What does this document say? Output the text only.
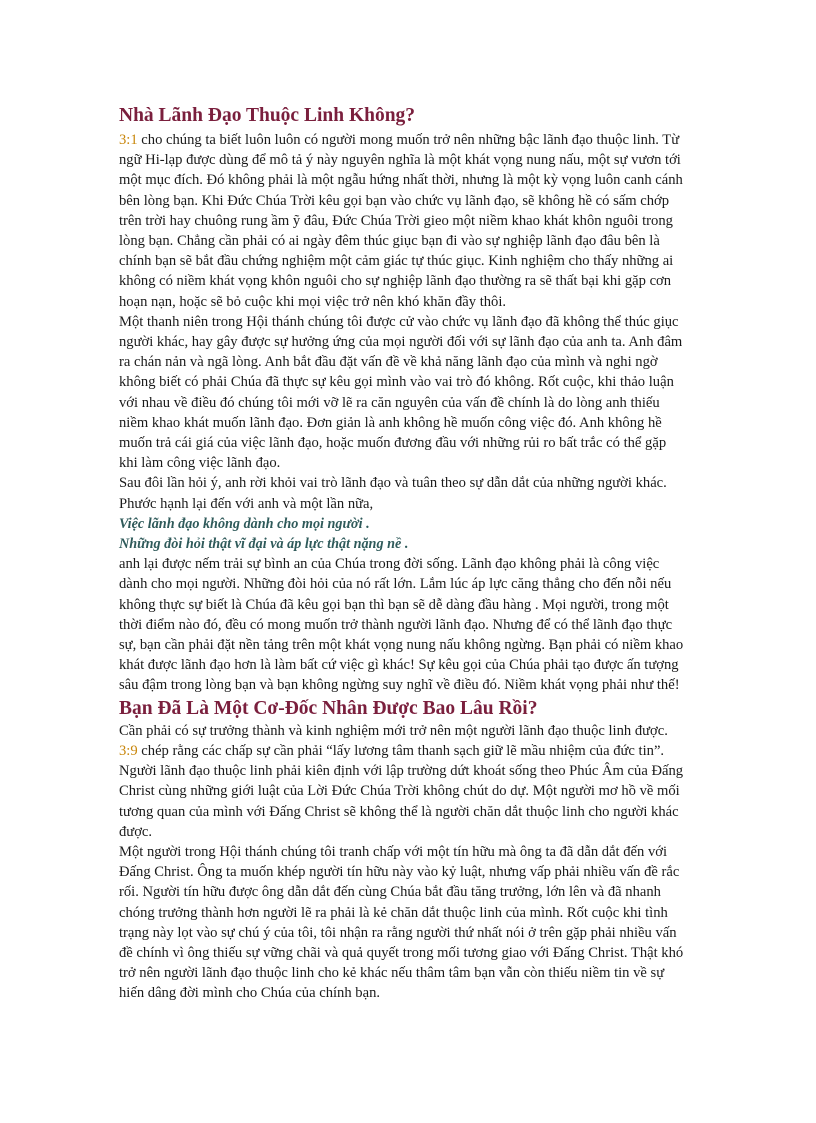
Nhà Lãnh Đạo Thuộc Linh Không?

3:1 cho chúng ta biết luôn luôn có người mong muốn trở nên những bậc lãnh đạo thuộc linh. Từ ngữ Hi-lạp được dùng để mô tả ý này nguyên nghĩa là một khát vọng nung nấu, một sự vươn tới một mục đích. Đó không phải là một ngẫu hứng nhất thời, nhưng là một kỳ vọng luôn canh cánh bên lòng bạn. Khi Đức Chúa Trời kêu gọi bạn vào chức vụ lãnh đạo, sẽ không hề có sấm chớp trên trời hay chuông rung ầm ỹ đâu, Đức Chúa Trời gieo một niềm khao khát khôn nguôi trong lòng bạn. Chẳng cần phải có ai ngày đêm thúc giục bạn đi vào sự nghiệp lãnh đạo đâu bên là chính bạn sẽ bắt đầu chứng nghiệm một cảm giác tự thúc giục. Kinh nghiệm cho thấy những ai không có niềm khát vọng khôn nguôi cho sự nghiệp lãnh đạo thường ra sẽ thất bại khi gặp cơn hoạn nạn, hoặc sẽ bỏ cuộc khi mọi việc trở nên khó khăn đầy thôi.

Một thanh niên trong Hội thánh chúng tôi được cử vào chức vụ lãnh đạo đã không thể thúc giục người khác, hay gây được sự hưởng ứng của mọi người đối với sự lãnh đạo của anh ta. Anh đâm ra chán nản và ngã lòng. Anh bắt đầu đặt vấn đề về khả năng lãnh đạo của mình và nghi ngờ không biết có phải Chúa đã thực sự kêu gọi mình vào vai trò đó không. Rốt cuộc, khi thảo luận với nhau về điều đó chúng tôi mới vỡ lẽ ra căn nguyên của vấn đề chính là do lòng anh thiếu niềm khao khát muốn lãnh đạo. Đơn giản là anh không hề muốn công việc đó. Anh không hề muốn trả cái giá của việc lãnh đạo, hoặc muốn đương đầu với những rủi ro bất trắc có thể gặp khi làm công việc lãnh đạo.

Sau đôi lần hỏi ý, anh rời khỏi vai trò lãnh đạo và tuân theo sự dẫn dắt của những người khác. Phước hạnh lại đến với anh và một lần nữa,

Việc lãnh đạo không dành cho mọi người .
Những đòi hỏi thật vĩ đại và áp lực thật nặng nề .

anh lại được nếm trải sự bình an của Chúa trong đời sống. Lãnh đạo không phải là công việc dành cho mọi người. Những đòi hỏi của nó rất lớn. Lắm lúc áp lực căng thẳng cho đến nỗi nếu không thực sự biết là Chúa đã kêu gọi bạn thì bạn sẽ dễ dàng đầu hàng . Mọi người, trong một thời điểm nào đó, đều có mong muốn trở thành người lãnh đạo. Nhưng để có thể lãnh đạo thực sự, bạn cần phải đặt nền tảng trên một khát vọng nung nấu không ngừng. Bạn phải có niềm khao khát được lãnh đạo hơn là làm bất cứ việc gì khác! Sự kêu gọi của Chúa phải tạo được ấn tượng sâu đậm trong lòng bạn và bạn không ngừng suy nghĩ về điều đó. Niềm khát vọng phải như thế!

Bạn Đã Là Một Cơ-Đốc Nhân Được Bao Lâu Rồi?

Cần phải có sự trưởng thành và kinh nghiệm mới trở nên một người lãnh đạo thuộc linh được. 3:9 chép rằng các chấp sự cần phải “lấy lương tâm thanh sạch giữ lẽ mầu nhiệm của đức tin”. Người lãnh đạo thuộc linh phải kiên định với lập trường dứt khoát sống theo Phúc Âm của Đấng Christ cùng những giới luật của Lời Đức Chúa Trời không chút do dự. Một người mơ hồ về mối tương quan của mình với Đấng Christ sẽ không thể là người chăn dắt thuộc linh cho người khác được.

Một người trong Hội thánh chúng tôi tranh chấp với một tín hữu mà ông ta đã dẫn dắt đến với Đấng Christ. Ông ta muốn khép người tín hữu này vào kỷ luật, nhưng vấp phải nhiều vấn đề rắc rối. Người tín hữu được ông dẫn dắt đến cùng Chúa bắt đầu tăng trưởng, lớn lên và đã nhanh chóng trưởng thành hơn người lẽ ra phải là kẻ chăn dắt thuộc linh của mình. Rốt cuộc khi tình trạng này lọt vào sự chú ý của tôi, tôi nhận ra rằng người thứ nhất nói ở trên gặp phải nhiều vấn đề chính vì ông thiếu sự vững chãi và quả quyết trong mối tương giao với Đấng Christ. Thật khó trở nên người lãnh đạo thuộc linh cho kẻ khác nếu thâm tâm bạn vẫn còn thiếu niềm tin về sự hiến dâng đời mình cho Chúa của chính bạn.
